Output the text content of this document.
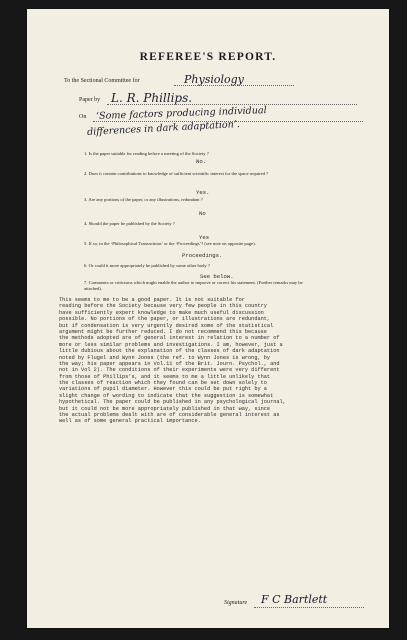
REFEREE'S REPORT.
To the Sectional Committee for	Physiology
Paper by L. R. Phillips.
On ‘Some factors producing individual
differences in dark adaptation’.
1. Is the paper suitable for reading before a meeting of the Society ?
No.
2. Does it contain contributions to knowledge of sufficient scientific interest for the space required ?
Yes.
3. Are any portions of the paper, or any illustrations, redundant ?
No
4. Should the paper be published by the Society ?
Yes
5. If so, in the ‘Philosophical Transactions’ or the ‘Proceedings’? (see note on opposite page).
Proceedings.
6. Or could it more appropriately be published by some other body ?
7. Comments or criticisms which might enable the author to improve or correct his statement. (Further remarks may be attached).
See below.
This seems to me to be a good paper. It is not suitable for
reading before the Society because very few people in this country
have sufficiently expert knowledge to make much useful discussion
possible. No portions of the paper, or illustrations are redundant,
but if condensation is very urgently desired some of the statistical
argument might be further reduced. I do not recommend this because
the methods adopted are of general interest in relation to a number of
more or less similar problems and investigations. I am, however, just a
little dubious about the explanation of the classes of dark adaptation
noted by Flugel and Wynn Jones (the ref. to Wynn Jones is wrong, by
the way; his paper appears in Vol.11 of the Brit. Journ. Psychol., and
not in Vol 2). The conditions of their experiments were very different
from those of Phillips's, and it seems to me a little unlikely that
the classes of reaction which they found can be set down solely to
variations of pupil diameter. However this could be put right by a
slight change of wording to indicate that the suggestion is somewhat
hypothetical. The paper could be published in any psychological journal,
but it could not be more appropriately published in that way, since
the actual problems dealt with are of considerable general interest as
well as of some general practical importance.
Signature F C Bartlett
